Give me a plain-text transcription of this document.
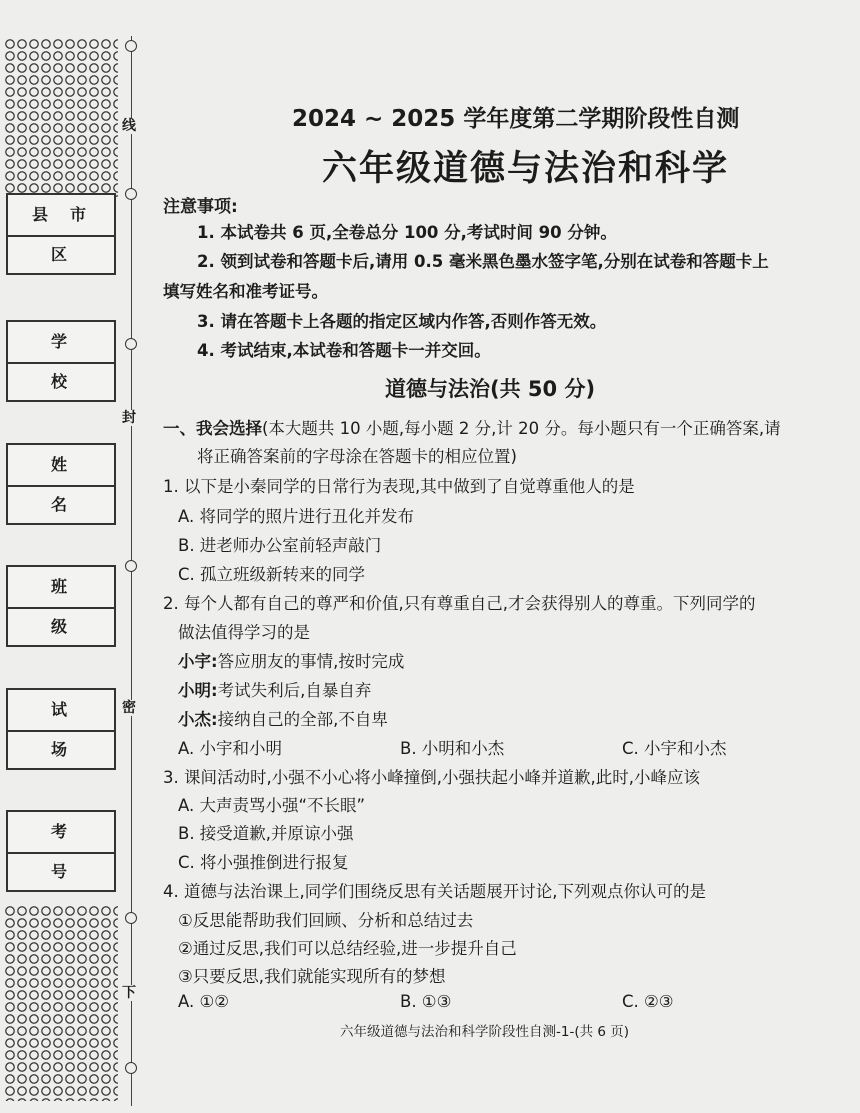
县市区
学 校
姓 名
班 级
试 场
考 号
线
封
密
下
2024 ~ 2025 学年度第二学期阶段性自测
六年级道德与法治和科学
注意事项:
1. 本试卷共 6 页,全卷总分 100 分,考试时间 90 分钟。
2. 领到试卷和答题卡后,请用 0.5 毫米黑色墨水签字笔,分别在试卷和答题卡上
填写姓名和准考证号。
3. 请在答题卡上各题的指定区域内作答,否则作答无效。
4. 考试结束,本试卷和答题卡一并交回。
道德与法治(共 50 分)
一、我会选择(本大题共 10 小题,每小题 2 分,计 20 分。每小题只有一个正确答案,请
将正确答案前的字母涂在答题卡的相应位置)
1. 以下是小秦同学的日常行为表现,其中做到了自觉尊重他人的是
A. 将同学的照片进行丑化并发布
B. 进老师办公室前轻声敲门
C. 孤立班级新转来的同学
2. 每个人都有自己的尊严和价值,只有尊重自己,才会获得别人的尊重。下列同学的
做法值得学习的是
小宇:答应朋友的事情,按时完成
小明:考试失利后,自暴自弃
小杰:接纳自己的全部,不自卑
A. 小宇和小明	B. 小明和小杰	C. 小宇和小杰
3. 课间活动时,小强不小心将小峰撞倒,小强扶起小峰并道歉,此时,小峰应该
A. 大声责骂小强“不长眼”
B. 接受道歉,并原谅小强
C. 将小强推倒进行报复
4. 道德与法治课上,同学们围绕反思有关话题展开讨论,下列观点你认可的是
①反思能帮助我们回顾、分析和总结过去
②通过反思,我们可以总结经验,进一步提升自己
③只要反思,我们就能实现所有的梦想
A. ①②	B. ①③	C. ②③
六年级道德与法治和科学阶段性自测-1-(共 6 页)
